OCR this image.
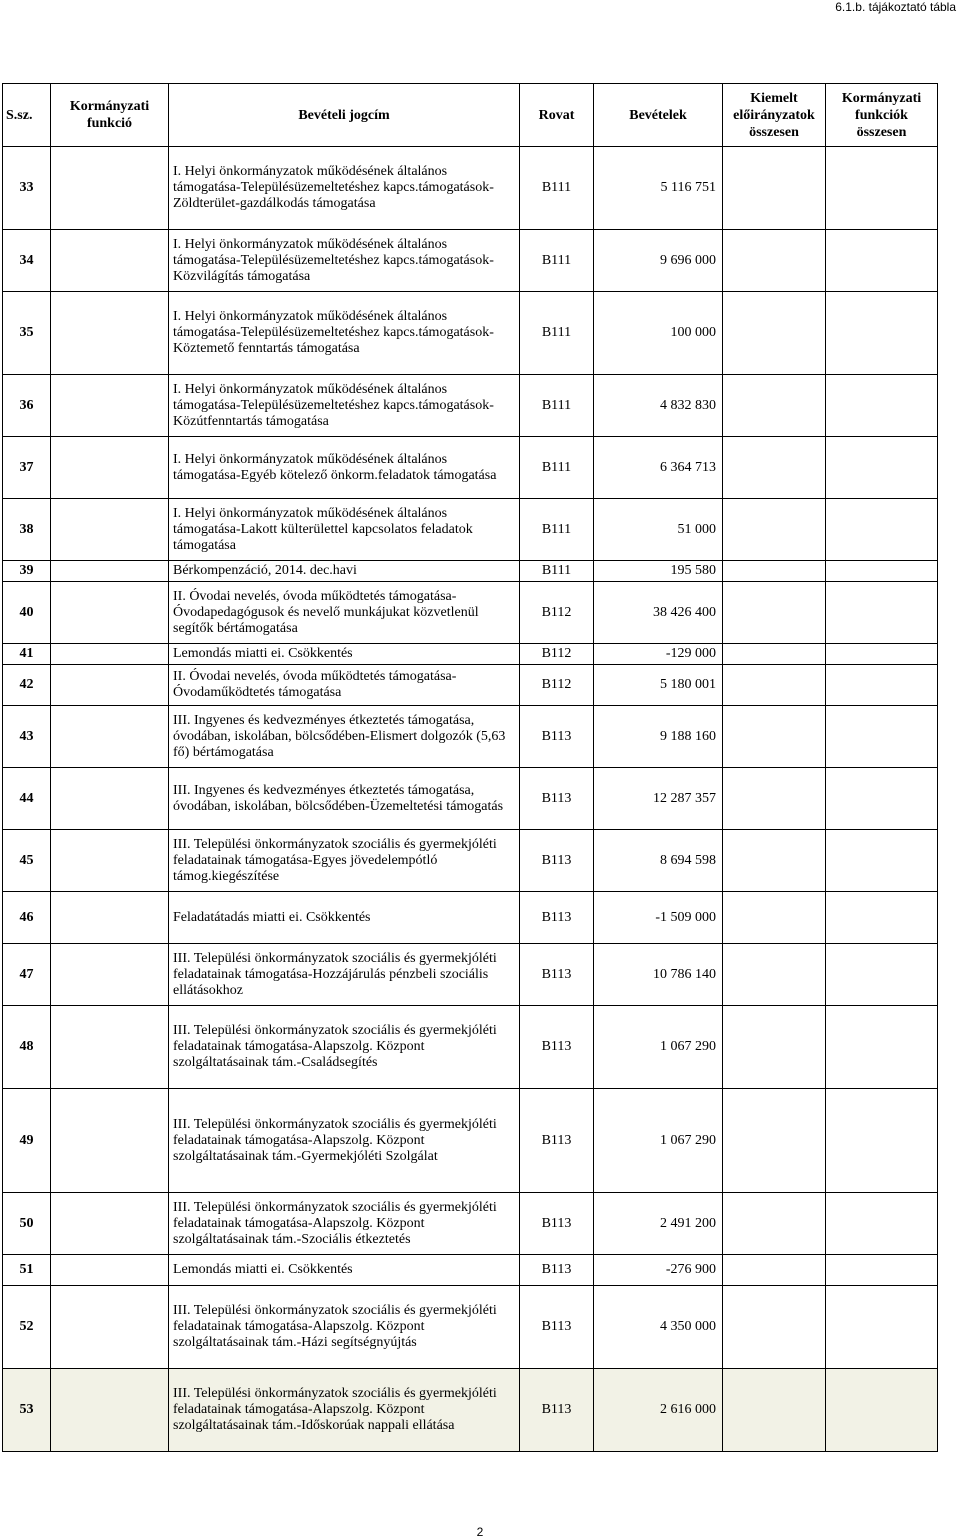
6.1.b. tájákoztató tábla
S.sz.	Kormányzati funkció	Bevételi jogcím	Rovat	Bevételek	Kiemelt előirányzatok összesen	Kormányzati funkciók összesen
33		I. Helyi önkormányzatok működésének általános támogatása-Településüzemeltetéshez kapcs.támogatások-Zöldterület-gazdálkodás támogatása	B111	5 116 751		
34		I. Helyi önkormányzatok működésének általános támogatása-Településüzemeltetéshez kapcs.támogatások-Közvilágítás támogatása	B111	9 696 000		
35		I. Helyi önkormányzatok működésének általános támogatása-Településüzemeltetéshez kapcs.támogatások-Köztemető fenntartás támogatása	B111	100 000		
36		I. Helyi önkormányzatok működésének általános támogatása-Településüzemeltetéshez kapcs.támogatások-Közútfenntartás támogatása	B111	4 832 830		
37		I. Helyi önkormányzatok működésének általános támogatása-Egyéb kötelező önkorm.feladatok támogatása	B111	6 364 713		
38		I. Helyi önkormányzatok működésének általános támogatása-Lakott külterülettel kapcsolatos feladatok támogatása	B111	51 000		
39		Bérkompenzáció, 2014. dec.havi	B111	195 580		
40		II. Óvodai nevelés, óvoda működtetés támogatása-Óvodapedagógusok és nevelő munkájukat közvetlenül segítők bértámogatása	B112	38 426 400		
41		Lemondás miatti ei. Csökkentés	B112	-129 000		
42		II. Óvodai nevelés, óvoda működtetés támogatása-Óvodaműködtetés támogatása	B112	5 180 001		
43		III. Ingyenes és kedvezményes étkeztetés támogatása, óvodában, iskolában, bölcsődében-Elismert dolgozók (5,63 fő) bértámogatása	B113	9 188 160		
44		III. Ingyenes és kedvezményes étkeztetés támogatása, óvodában, iskolában, bölcsődében-Üzemeltetési támogatás	B113	12 287 357		
45		III. Települési önkormányzatok szociális és gyermekjóléti feladatainak támogatása-Egyes jövedelempótló támog.kiegészítése	B113	8 694 598		
46		Feladatátadás miatti ei. Csökkentés	B113	-1 509 000		
47		III. Települési önkormányzatok szociális és gyermekjóléti feladatainak támogatása-Hozzájárulás pénzbeli szociális ellátásokhoz	B113	10 786 140		
48		III. Települési önkormányzatok szociális és gyermekjóléti feladatainak támogatása-Alapszolg. Központ szolgáltatásainak tám.-Családsegítés	B113	1 067 290		
49		III. Települési önkormányzatok szociális és gyermekjóléti feladatainak támogatása-Alapszolg. Központ szolgáltatásainak tám.-Gyermekjóléti Szolgálat	B113	1 067 290		
50		III. Települési önkormányzatok szociális és gyermekjóléti feladatainak támogatása-Alapszolg. Központ szolgáltatásainak tám.-Szociális étkeztetés	B113	2 491 200		
51		Lemondás miatti ei. Csökkentés	B113	-276 900		
52		III. Települési önkormányzatok szociális és gyermekjóléti feladatainak támogatása-Alapszolg. Központ szolgáltatásainak tám.-Házi segítségnyújtás	B113	4 350 000		
53		III. Települési önkormányzatok szociális és gyermekjóléti feladatainak támogatása-Alapszolg. Központ szolgáltatásainak tám.-Időskorúak nappali ellátása	B113	2 616 000		
2
